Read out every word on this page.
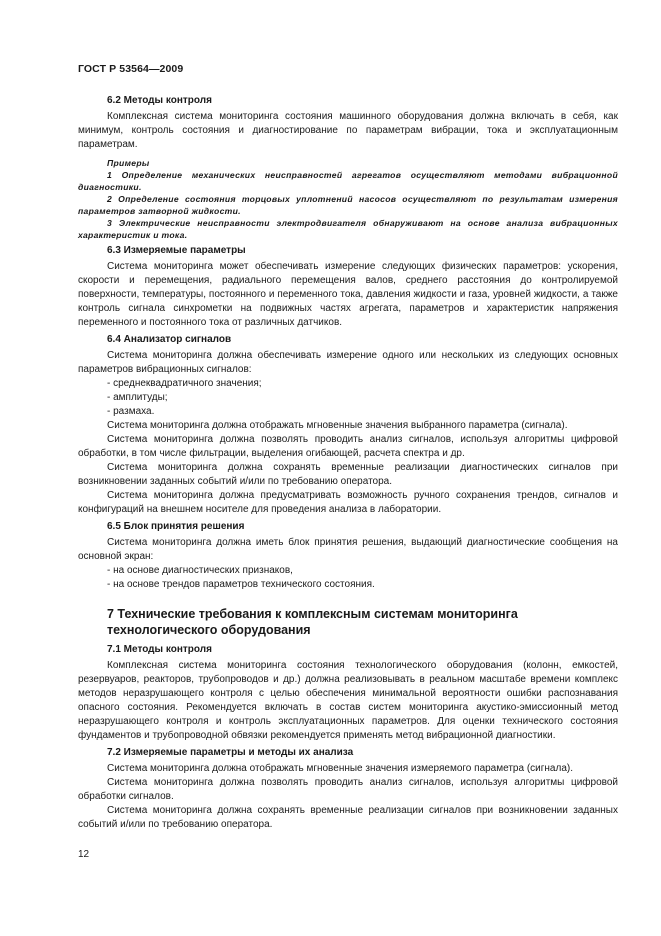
ГОСТ Р 53564—2009
6.2 Методы контроля

Комплексная система мониторинга состояния машинного оборудования должна включать в себя, как минимум, контроль состояния и диагностирование по параметрам вибрации, тока и эксплуатационным параметрам.

Примеры

1 Определение механических неисправностей агрегатов осуществляют методами вибрационной диагностики.

2 Определение состояния торцовых уплотнений насосов осуществляют по результатам измерения параметров затворной жидкости.

3 Электрические неисправности электродвигателя обнаруживают на основе анализа вибрационных характеристик и тока.

6.3 Измеряемые параметры

Система мониторинга может обеспечивать измерение следующих физических параметров: ускорения, скорости и перемещения, радиального перемещения валов, среднего расстояния до контролируемой поверхности, температуры, постоянного и переменного тока, давления жидкости и газа, уровней жидкости, а также контроль сигнала синхрометки на подвижных частях агрегата, параметров и характеристик напряжения переменного и постоянного тока от различных датчиков.

6.4 Анализатор сигналов

Система мониторинга должна обеспечивать измерение одного или нескольких из следующих основных параметров вибрационных сигналов:

- среднеквадратичного значения;
- амплитуды;
- размаха.

Система мониторинга должна отображать мгновенные значения выбранного параметра (сигнала).

Система мониторинга должна позволять проводить анализ сигналов, используя алгоритмы цифровой обработки, в том числе фильтрации, выделения огибающей, расчета спектра и др.

Система мониторинга должна сохранять временные реализации диагностических сигналов при возникновении заданных событий и/или по требованию оператора.

Система мониторинга должна предусматривать возможность ручного сохранения трендов, сигналов и конфигураций на внешнем носителе для проведения анализа в лаборатории.

6.5 Блок принятия решения

Система мониторинга должна иметь блок принятия решения, выдающий диагностические сообщения на основной экран:

- на основе диагностических признаков,
- на основе трендов параметров технического состояния.
7 Технические требования к комплексным системам мониторинга технологического оборудования
7.1 Методы контроля

Комплексная система мониторинга состояния технологического оборудования (колонн, емкостей, резервуаров, реакторов, трубопроводов и др.) должна реализовывать в реальном масштабе времени комплекс методов неразрушающего контроля с целью обеспечения минимальной вероятности ошибки распознавания опасного состояния. Рекомендуется включать в состав систем мониторинга акустико-эмиссионный метод неразрушающего контроля и контроль эксплуатационных параметров. Для оценки технического состояния фундаментов и трубопроводной обвязки рекомендуется применять метод вибрационной диагностики.

7.2 Измеряемые параметры и методы их анализа

Система мониторинга должна отображать мгновенные значения измеряемого параметра (сигнала).

Система мониторинга должна позволять проводить анализ сигналов, используя алгоритмы цифровой обработки сигналов.

Система мониторинга должна сохранять временные реализации сигналов при возникновении заданных событий и/или по требованию оператора.

12
